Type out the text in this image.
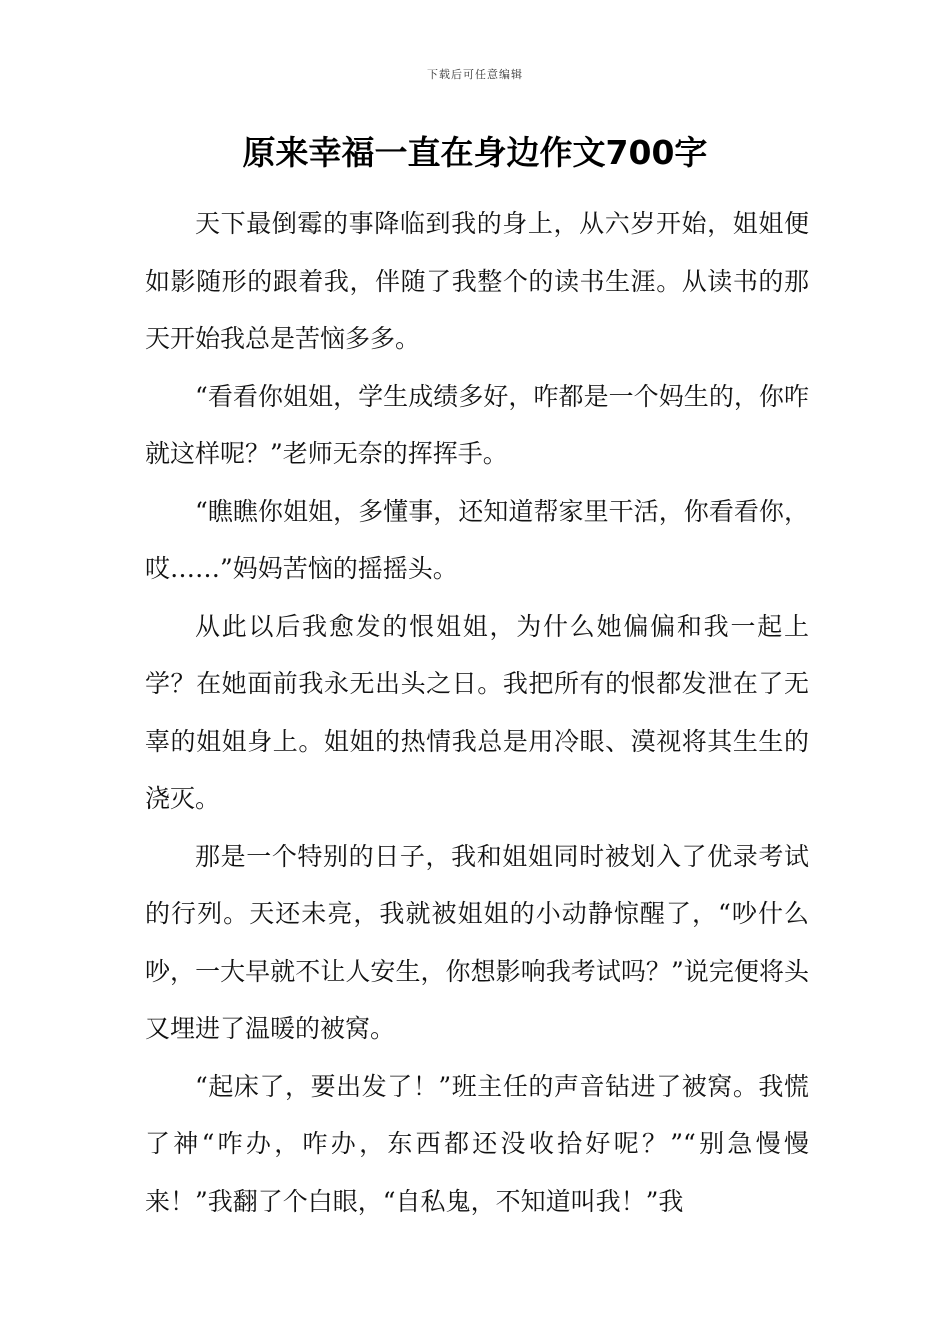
下载后可任意编辑
原来幸福一直在身边作文700字

天下最倒霉的事降临到我的身上，从六岁开始，姐姐便如影随形的跟着我，伴随了我整个的读书生涯。从读书的那天开始我总是苦恼多多。

“看看你姐姐，学生成绩多好，咋都是一个妈生的，你咋就这样呢？”老师无奈的挥挥手。

“瞧瞧你姐姐，多懂事，还知道帮家里干活，你看看你，哎……”妈妈苦恼的摇摇头。

从此以后我愈发的恨姐姐，为什么她偏偏和我一起上学？在她面前我永无出头之日。我把所有的恨都发泄在了无辜的姐姐身上。姐姐的热情我总是用冷眼、漠视将其生生的浇灭。

那是一个特别的日子，我和姐姐同时被划入了优录考试的行列。天还未亮，我就被姐姐的小动静惊醒了，“吵什么吵，一大早就不让人安生，你想影响我考试吗？”说完便将头又埋进了温暖的被窝。

“起床了，要出发了！”班主任的声音钻进了被窝。我慌了神“咋办，咋办，东西都还没收拾好呢？”“别急慢慢来！”我翻了个白眼，“自私鬼，不知道叫我！”我
